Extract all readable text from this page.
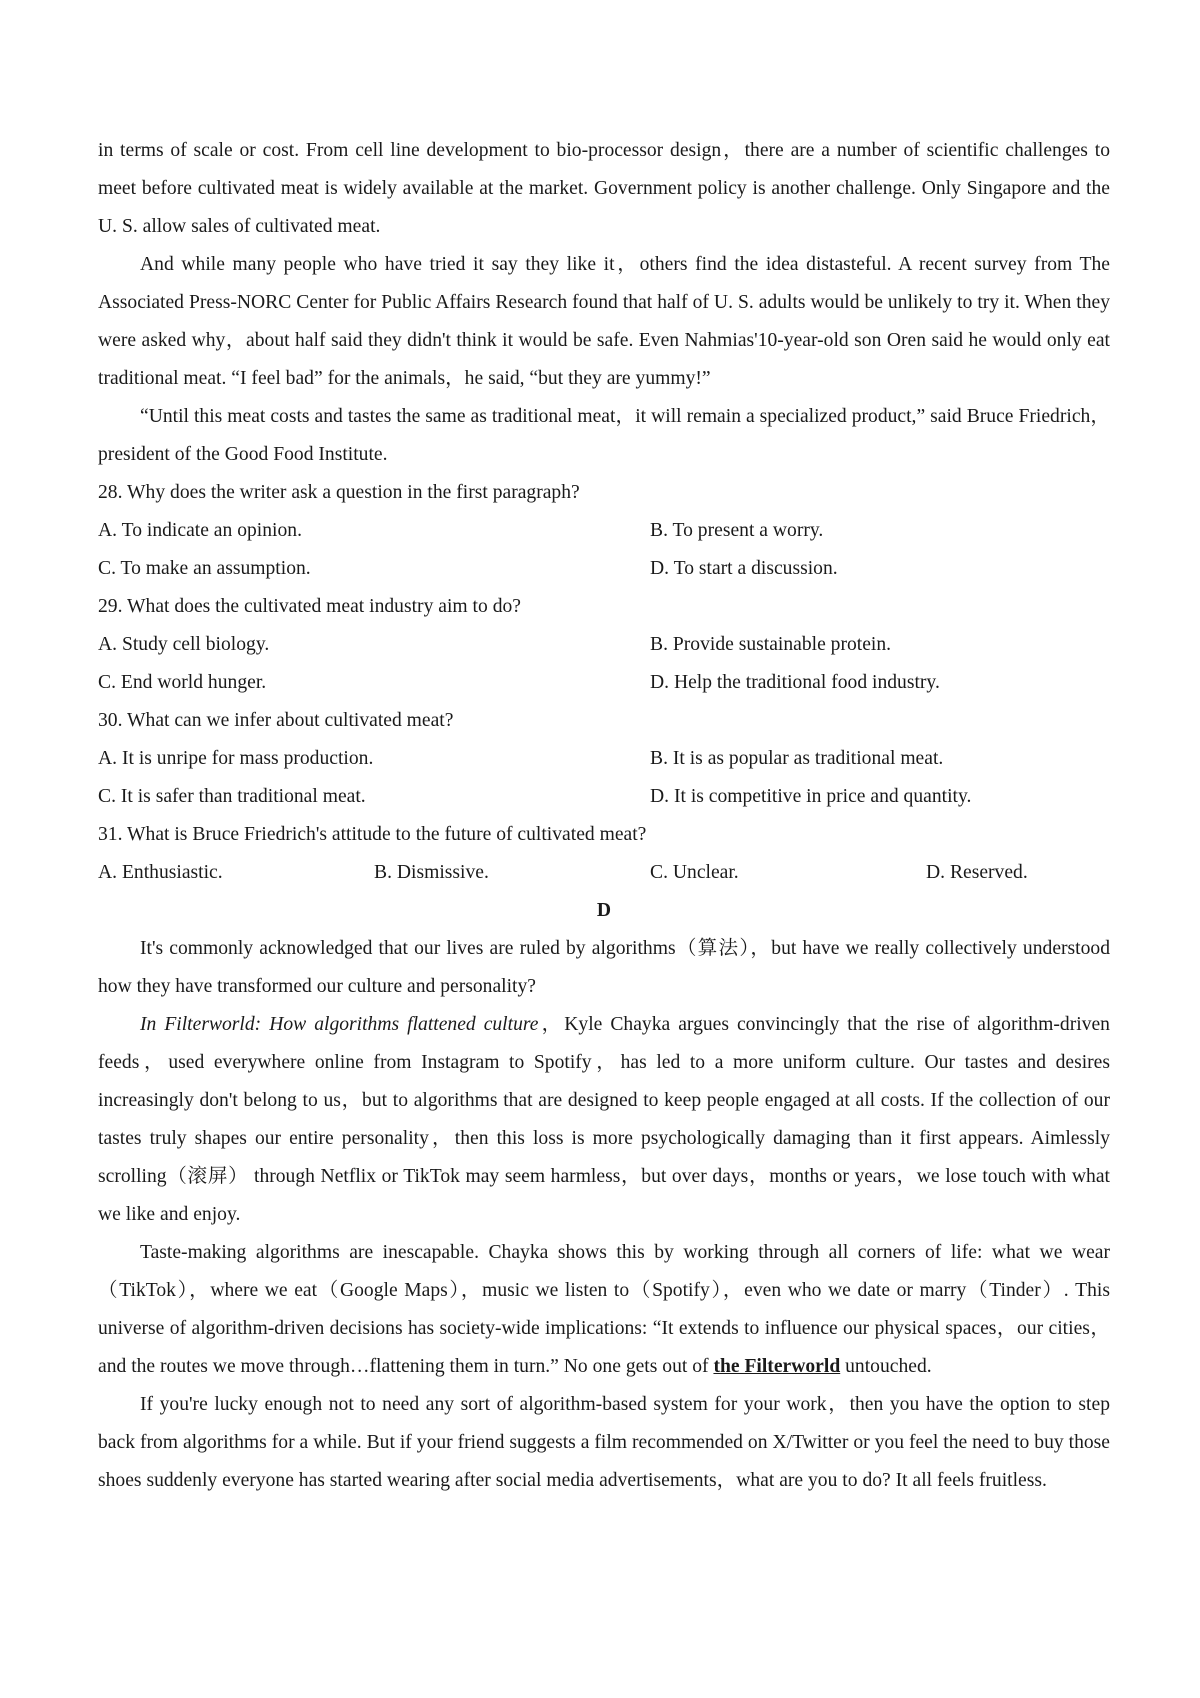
in terms of scale or cost. From cell line development to bio-processor design，there are a number of scientific challenges to meet before cultivated meat is widely available at the market. Government policy is another challenge. Only Singapore and the U. S. allow sales of cultivated meat.

And while many people who have tried it say they like it，others find the idea distasteful. A recent survey from The Associated Press-NORC Center for Public Affairs Research found that half of U. S. adults would be unlikely to try it. When they were asked why，about half said they didn't think it would be safe. Even Nahmias'10-year-old son Oren said he would only eat traditional meat. “I feel bad” for the animals，he said, “but they are yummy!”

“Until this meat costs and tastes the same as traditional meat，it will remain a specialized product,” said Bruce Friedrich，president of the Good Food Institute.

28. Why does the writer ask a question in the first paragraph?

A. To indicate an opinion.	B. To present a worry.
C. To make an assumption.	D. To start a discussion.

29. What does the cultivated meat industry aim to do?

A. Study cell biology.	B. Provide sustainable protein.
C. End world hunger.	D. Help the traditional food industry.

30. What can we infer about cultivated meat?

A. It is unripe for mass production.	B. It is as popular as traditional meat.
C. It is safer than traditional meat.	D. It is competitive in price and quantity.

31. What is Bruce Friedrich's attitude to the future of cultivated meat?

A. Enthusiastic.	B. Dismissive.	C. Unclear.	D. Reserved.

D

It's commonly acknowledged that our lives are ruled by algorithms（算法），but have we really collectively understood how they have transformed our culture and personality?

In Filterworld: How algorithms flattened culture，Kyle Chayka argues convincingly that the rise of algorithm-driven feeds，used everywhere online from Instagram to Spotify，has led to a more uniform culture. Our tastes and desires increasingly don't belong to us，but to algorithms that are designed to keep people engaged at all costs. If the collection of our tastes truly shapes our entire personality，then this loss is more psychologically damaging than it first appears. Aimlessly scrolling（滚屏） through Netflix or TikTok may seem harmless，but over days，months or years，we lose touch with what we like and enjoy.

Taste-making algorithms are inescapable. Chayka shows this by working through all corners of life: what we wear（TikTok），where we eat（Google Maps），music we listen to（Spotify），even who we date or marry（Tinder）. This universe of algorithm-driven decisions has society-wide implications: “It extends to influence our physical spaces，our cities，and the routes we move through…flattening them in turn.” No one gets out of the Filterworld untouched.

If you're lucky enough not to need any sort of algorithm-based system for your work，then you have the option to step back from algorithms for a while. But if your friend suggests a film recommended on X/Twitter or you feel the need to buy those shoes suddenly everyone has started wearing after social media advertisements，what are you to do? It all feels fruitless.
